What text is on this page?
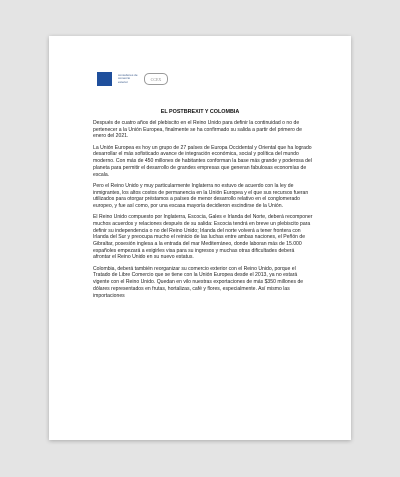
consultores de comercio exterior
CCEX
EL POSTBREXIT Y COLOMBIA

Después de cuatro años del plebiscito en el Reino Unido para definir la continuidad o no de pertenecer a la Unión Europea, finalmente se ha confirmado su salida a partir del primero de enero del 2021.

La Unión Europea es hoy un grupo de 27 países de Europa Occidental y Oriental que ha logrado desarrollar el más sofisticado avance de integración económica, social y política del mundo moderno. Con más de 450 millones de habitantes conforman la base más grande y poderosa del planeta para permitir el desarrollo de grandes empresas que generan fabulosas economías de escala.

Pero el Reino Unido y muy particularmente Inglaterra no estuvo de acuerdo con la ley de inmigrantes, los altos costos de permanencia en la Unión Europea y el que sus recursos fueran utilizados para otorgar préstamos a países de menor desarrollo relativo en el conglomerado europeo, y fue así como, por una escasa mayoría decidieron escindirse de la Unión.

El Reino Unido compuesto por Inglaterra, Escocia, Gales e Irlanda del Norte, deberá recomponer muchos acuerdos y relaciones después de su salida: Escocia tendrá en breve un plebiscito para definir su independencia o no del Reino Unido; Irlanda del norte volverá a tener frontera con Irlanda del Sur y preocupa mucho el reinicio de las luchas entre ambas naciones, el Peñón de Gibraltar, posesión inglesa a la entrada del mar Mediterráneo, donde laboran más de 15.000 españoles empezará a exigirles visa para su ingresos y muchas otras dificultades deberá afrontar el Reino Unido en su nuevo estatus.

Colombia, deberá también reorganizar su comercio exterior con el Reino Unido, porque el Tratado de Libre Comercio que se tiene con la Unión Europea desde el 2013, ya no estará vigente con el Reino Unido. Quedan en vilo nuestras exportaciones de más $350 millones de dólares representados en frutas, hortalizas, café y flores, especialmente. Así mismo las importaciones
